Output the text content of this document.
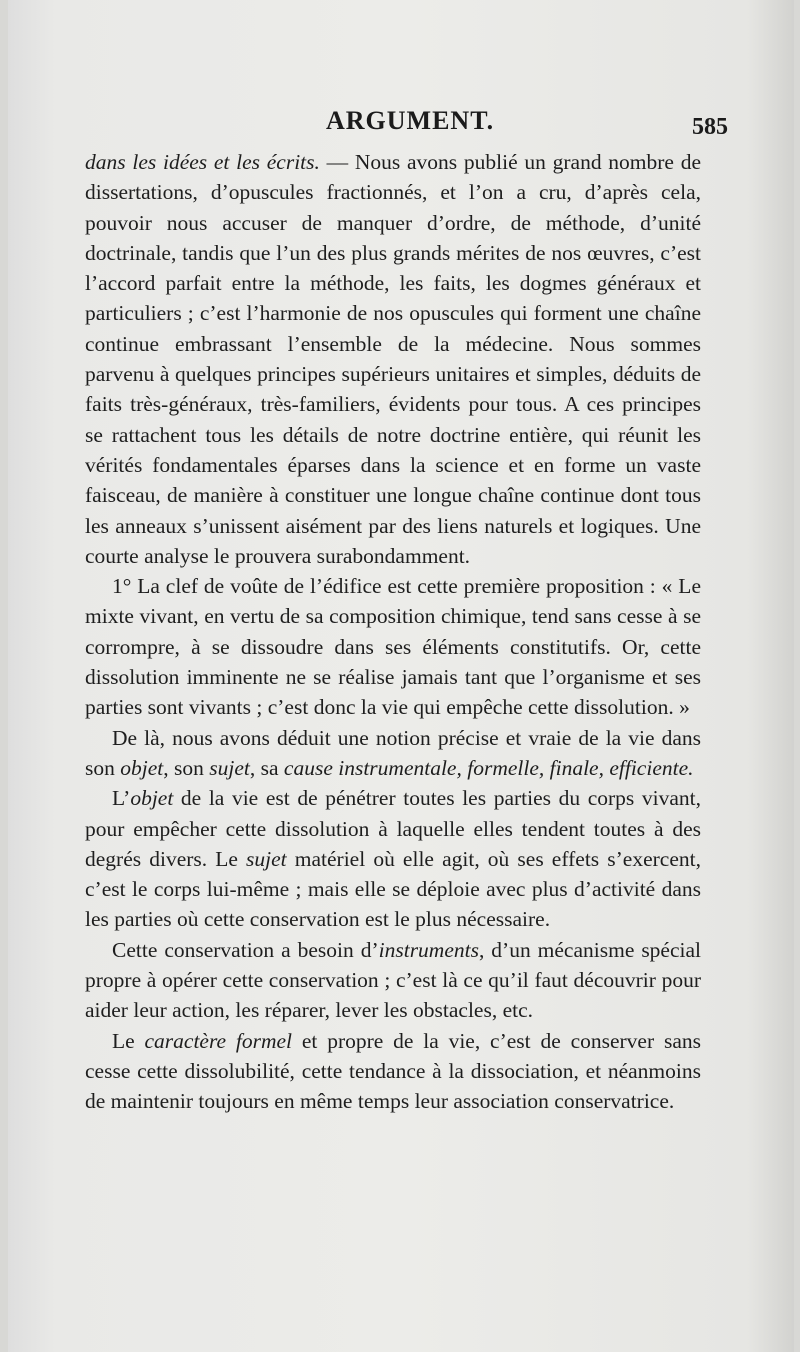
ARGUMENT.	585

dans les idées et les écrits. — Nous avons publié un grand nombre de dissertations, d’opuscules fractionnés, et l’on a cru, d’après cela, pouvoir nous accuser de manquer d’ordre, de méthode, d’unité doctrinale, tandis que l’un des plus grands mérites de nos œuvres, c’est l’accord parfait entre la méthode, les faits, les dogmes généraux et particuliers ; c’est l’harmonie de nos opuscules qui forment une chaîne continue embrassant l’ensemble de la médecine. Nous sommes parvenu à quelques principes supérieurs unitaires et simples, déduits de faits très-généraux, très-familiers, évidents pour tous. A ces principes se rattachent tous les détails de notre doctrine entière, qui réunit les vérités fondamentales éparses dans la science et en forme un vaste faisceau, de manière à constituer une longue chaîne continue dont tous les anneaux s’unissent aisément par des liens naturels et logiques. Une courte analyse le prouvera surabondamment.

1° La clef de voûte de l’édifice est cette première proposition : « Le mixte vivant, en vertu de sa composition chimique, tend sans cesse à se corrompre, à se dissoudre dans ses éléments constitutifs. Or, cette dissolution imminente ne se réalise jamais tant que l’organisme et ses parties sont vivants ; c’est donc la vie qui empêche cette dissolution. »

De là, nous avons déduit une notion précise et vraie de la vie dans son objet, son sujet, sa cause instrumentale, formelle, finale, efficiente.

L’objet de la vie est de pénétrer toutes les parties du corps vivant, pour empêcher cette dissolution à laquelle elles tendent toutes à des degrés divers. Le sujet matériel où elle agit, où ses effets s’exercent, c’est le corps lui-même ; mais elle se déploie avec plus d’activité dans les parties où cette conservation est le plus nécessaire.

Cette conservation a besoin d’instruments, d’un mécanisme spécial propre à opérer cette conservation ; c’est là ce qu’il faut découvrir pour aider leur action, les réparer, lever les obstacles, etc.

Le caractère formel et propre de la vie, c’est de conserver sans cesse cette dissolubilité, cette tendance à la dissociation, et néanmoins de maintenir toujours en même temps leur association conservatrice.
